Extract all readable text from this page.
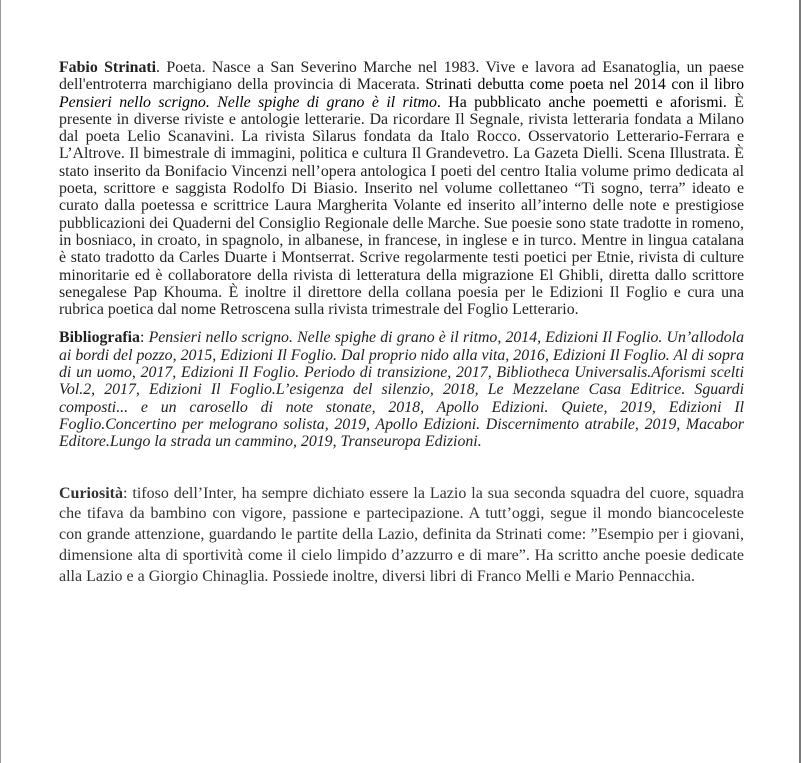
Fabio Strinati. Poeta. Nasce a San Severino Marche nel 1983. Vive e lavora ad Esanatoglia, un paese dell'entroterra marchigiano della provincia di Macerata. Strinati debutta come poeta nel 2014 con il libro Pensieri nello scrigno. Nelle spighe di grano è il ritmo. Ha pubblicato anche poemetti e aforismi. È presente in diverse riviste e antologie letterarie. Da ricordare Il Segnale, rivista letteraria fondata a Milano dal poeta Lelio Scanavini. La rivista Sìlarus fondata da Italo Rocco. Osservatorio Letterario-Ferrara e L’Altrove. Il bimestrale di immagini, politica e cultura Il Grandevetro. La Gazeta Dielli. Scena Illustrata. È stato inserito da Bonifacio Vincenzi nell’opera antologica I poeti del centro Italia volume primo dedicata al poeta, scrittore e saggista Rodolfo Di Biasio. Inserito nel volume collettaneo “Ti sogno, terra” ideato e curato dalla poetessa e scrittrice Laura Margherita Volante ed inserito all’interno delle note e prestigiose pubblicazioni dei Quaderni del Consiglio Regionale delle Marche. Sue poesie sono state tradotte in romeno, in bosniaco, in croato, in spagnolo, in albanese, in francese, in inglese e in turco. Mentre in lingua catalana è stato tradotto da Carles Duarte i Montserrat. Scrive regolarmente testi poetici per Etnie, rivista di culture minoritarie ed è collaboratore della rivista di letteratura della migrazione El Ghibli, diretta dallo scrittore senegalese Pap Khouma. È inoltre il direttore della collana poesia per le Edizioni Il Foglio e cura una rubrica poetica dal nome Retroscena sulla rivista trimestrale del Foglio Letterario.

Bibliografia: Pensieri nello scrigno. Nelle spighe di grano è il ritmo, 2014, Edizioni Il Foglio. Un’allodola ai bordi del pozzo, 2015, Edizioni Il Foglio. Dal proprio nido alla vita, 2016, Edizioni Il Foglio. Al di sopra di un uomo, 2017, Edizioni Il Foglio. Periodo di transizione, 2017, Bibliotheca Universalis.Aforismi scelti Vol.2, 2017, Edizioni Il Foglio.L’esigenza del silenzio, 2018, Le Mezzelane Casa Editrice. Sguardi composti... e un carosello di note stonate, 2018, Apollo Edizioni. Quiete, 2019, Edizioni Il Foglio.Concertino per melograno solista, 2019, Apollo Edizioni. Discernimento atrabile, 2019, Macabor Editore.Lungo la strada un cammino, 2019, Transeuropa Edizioni.

Curiosità: tifoso dell’Inter, ha sempre dichiato essere la Lazio la sua seconda squadra del cuore, squadra che tifava da bambino con vigore, passione e partecipazione. A tutt’oggi, segue il mondo biancoceleste con grande attenzione, guardando le partite della Lazio, definita da Strinati come: ”Esempio per i giovani, dimensione alta di sportività come il cielo limpido d’azzurro e di mare”. Ha scritto anche poesie dedicate alla Lazio e a Giorgio Chinaglia. Possiede inoltre, diversi libri di Franco Melli e Mario Pennacchia.
